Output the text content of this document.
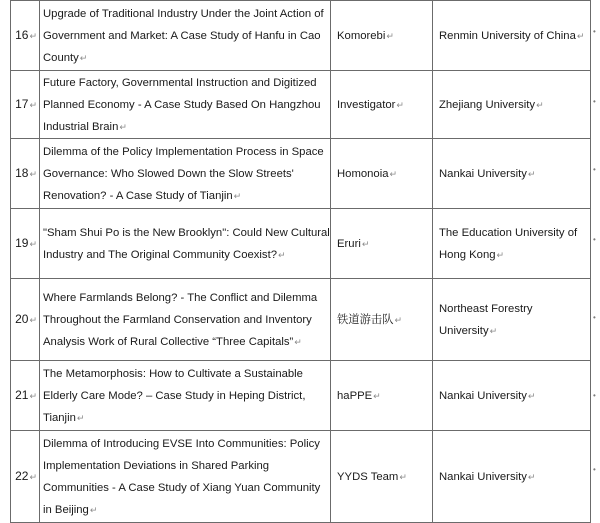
16↵	Upgrade of Traditional Industry Under the Joint Action of Government and Market: A Case Study of Hanfu in Cao County↵	Komorebi↵	Renmin University of China↵
17↵	Future Factory, Governmental Instruction and Digitized Planned Economy - A Case Study Based On Hangzhou Industrial Brain↵	Investigator↵	Zhejiang University↵
18↵	Dilemma of the Policy Implementation Process in Space Governance: Who Slowed Down the Slow Streets' Renovation? - A Case Study of Tianjin↵	Homonoia↵	Nankai University↵
19↵	"Sham Shui Po is the New Brooklyn": Could New Cultural Industry and The Original Community Coexist?↵	Eruri↵	The Education University of Hong Kong↵
20↵	Where Farmlands Belong? - The Conflict and Dilemma Throughout the Farmland Conservation and Inventory Analysis Work of Rural Collective “Three Capitals”↵	铁道游击队↵	Northeast Forestry University↵
21↵	The Metamorphosis: How to Cultivate a Sustainable Elderly Care Mode? – Case Study in Heping District, Tianjin↵	haPPE↵	Nankai University↵
22↵	Dilemma of Introducing EVSE Into Communities: Policy Implementation Deviations in Shared Parking Communities - A Case Study of Xiang Yuan Community in Beijing↵	YYDS Team↵	Nankai University↵
•
•
•
•
•
•
•
